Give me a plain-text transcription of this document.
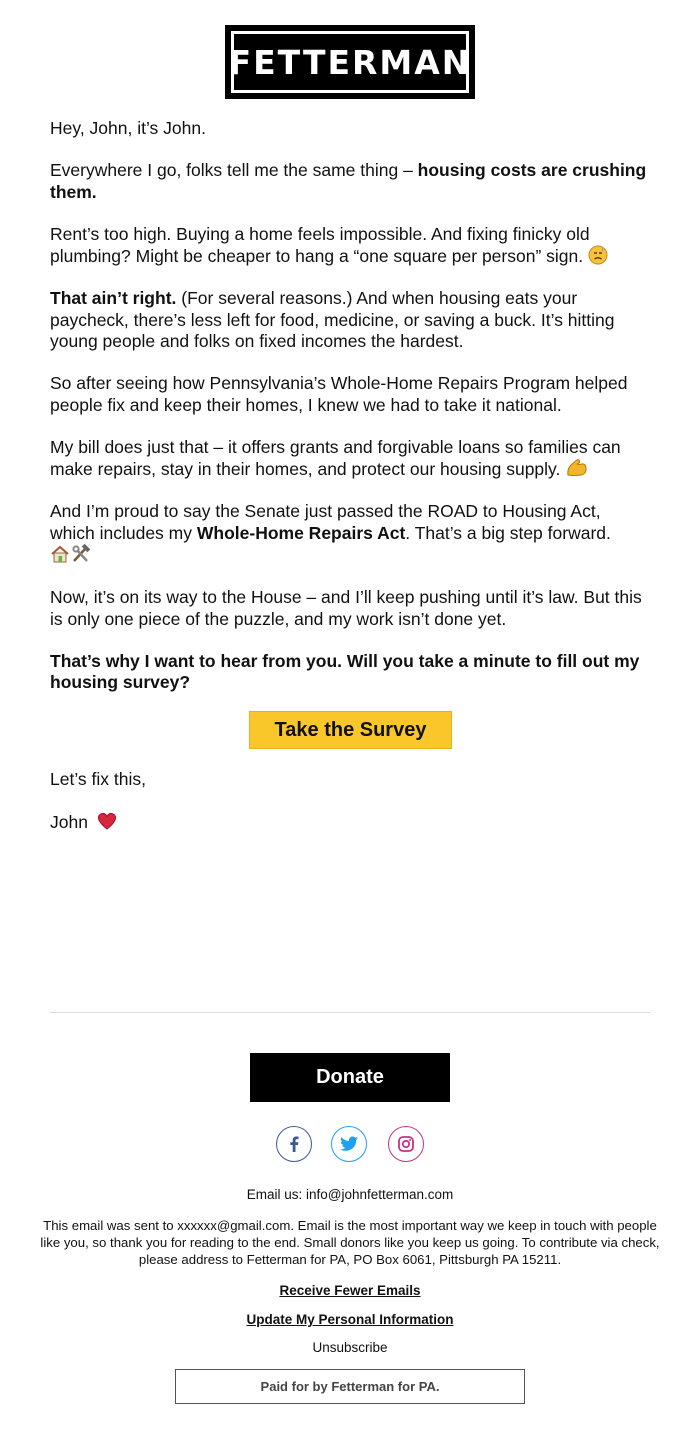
FETTERMAN

Hey, John, it’s John.

Everywhere I go, folks tell me the same thing – housing costs are crushing them.

Rent’s too high. Buying a home feels impossible. And fixing finicky old plumbing? Might be cheaper to hang a “one square per person” sign.

That ain’t right. (For several reasons.) And when housing eats your paycheck, there’s less left for food, medicine, or saving a buck. It’s hitting young people and folks on fixed incomes the hardest.

So after seeing how Pennsylvania’s Whole-Home Repairs Program helped people fix and keep their homes, I knew we had to take it national.

My bill does just that – it offers grants and forgivable loans so families can make repairs, stay in their homes, and protect our housing supply.

And I’m proud to say the Senate just passed the ROAD to Housing Act, which includes my Whole-Home Repairs Act. That’s a big step forward.

Now, it’s on its way to the House – and I’ll keep pushing until it’s law. But this is only one piece of the puzzle, and my work isn’t done yet.

That’s why I want to hear from you. Will you take a minute to fill out my housing survey?

Take the Survey
Let’s fix this,
John
Donate
Email us: info@johnfetterman.com
This email was sent to xxxxxx@gmail.com. Email is the most important way we keep in touch with people like you, so thank you for reading to the end. Small donors like you keep us going. To contribute via check, please address to Fetterman for PA, PO Box 6061, Pittsburgh PA 15211.
Receive Fewer Emails
Update My Personal Information
Unsubscribe
Paid for by Fetterman for PA.
